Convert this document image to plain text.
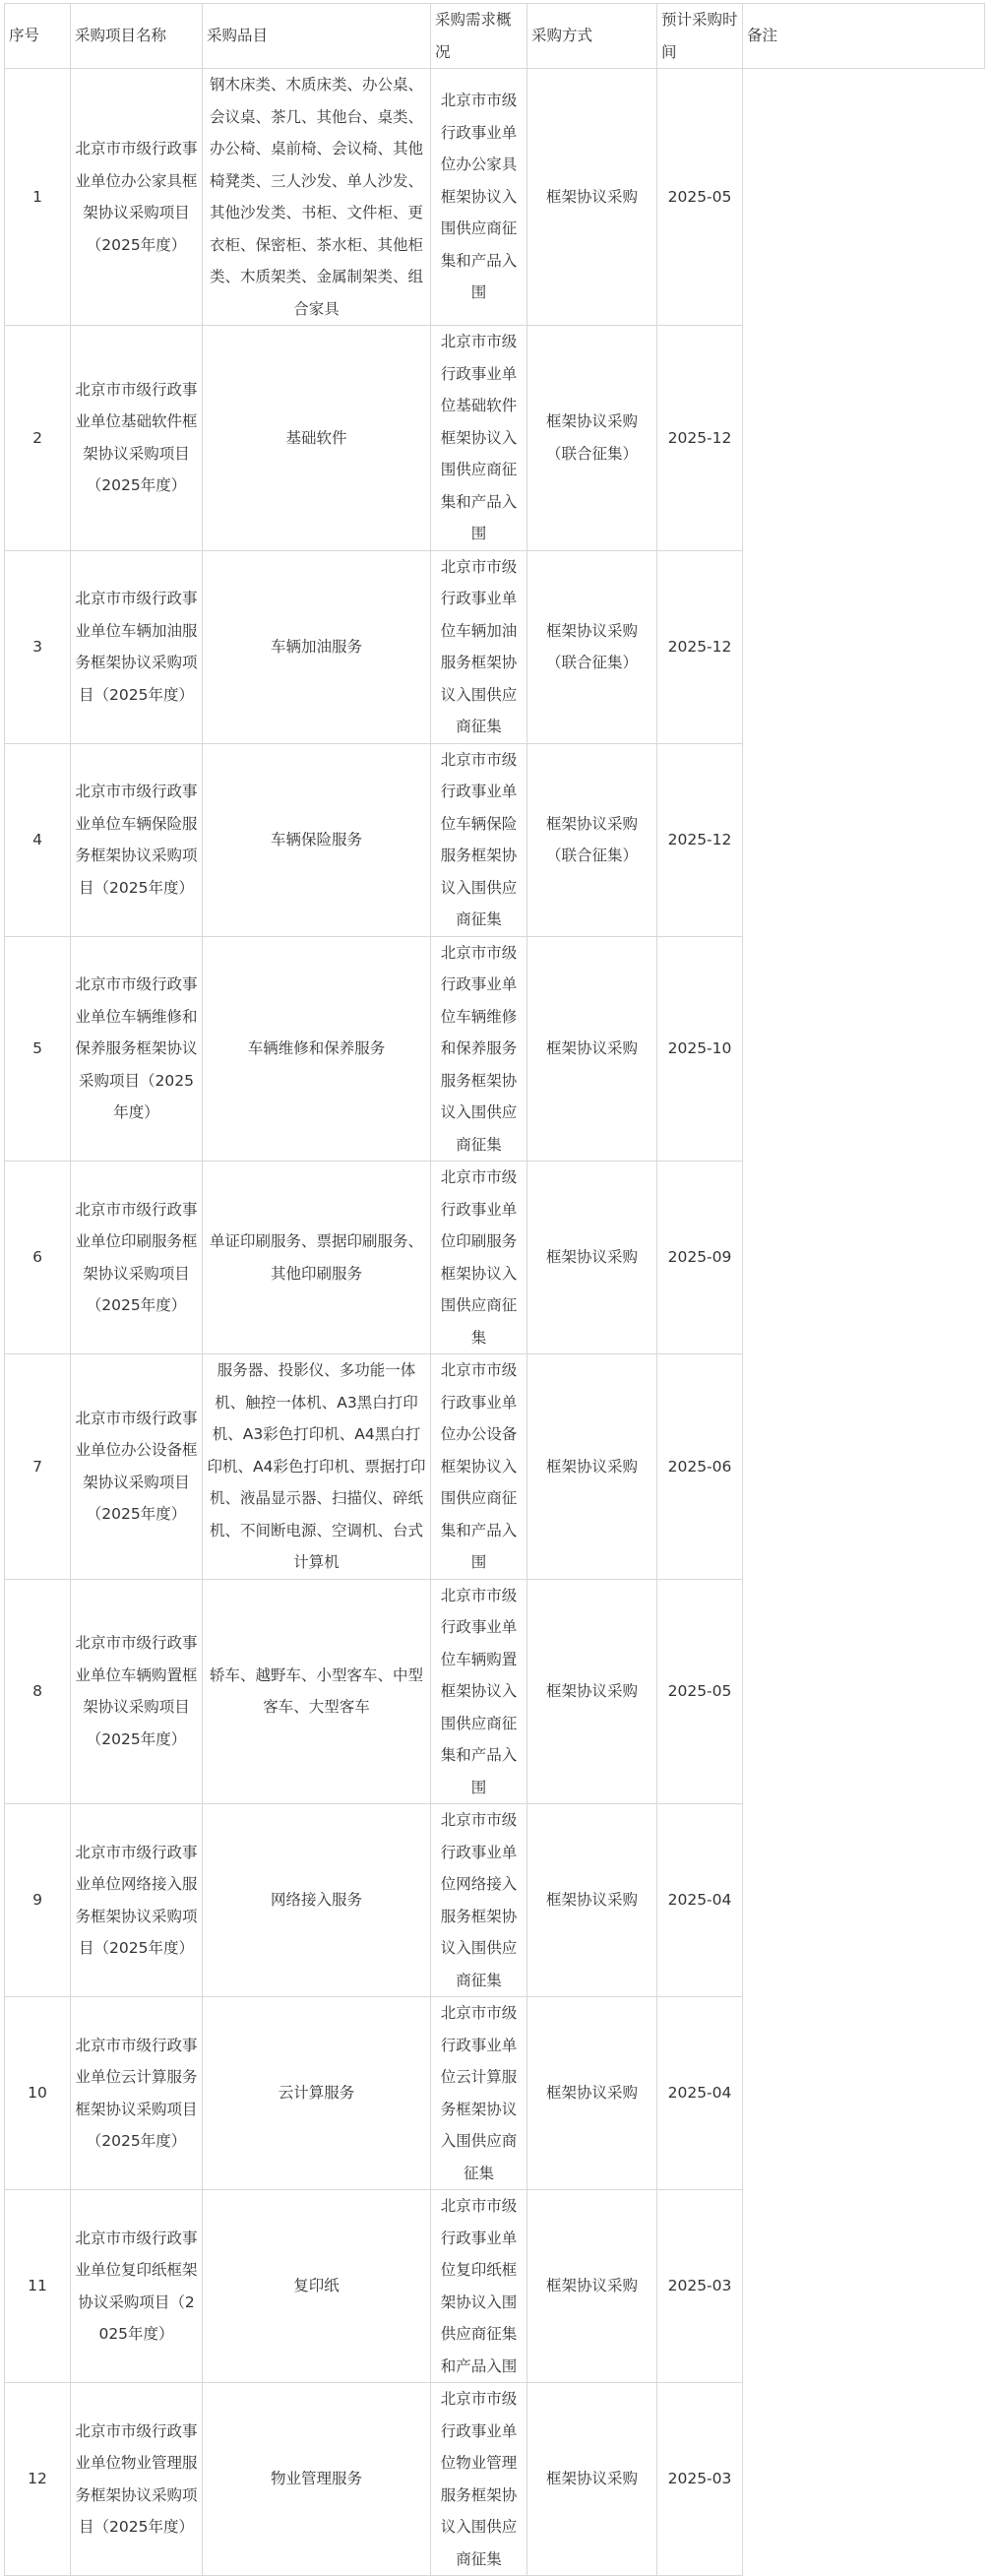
序号	采购项目名称	采购品目	采购需求概况	采购方式	预计采购时间	备注
1	北京市市级行政事业单位办公家具框架协议采购项目（2025年度）	钢木床类、木质床类、办公桌、会议桌、茶几、其他台、桌类、办公椅、桌前椅、会议椅、其他椅凳类、三人沙发、单人沙发、其他沙发类、书柜、文件柜、更衣柜、保密柜、茶水柜、其他柜类、木质架类、金属制架类、组合家具	北京市市级行政事业单位办公家具框架协议入围供应商征集和产品入围	框架协议采购	2025-05	
2	北京市市级行政事业单位基础软件框架协议采购项目（2025年度）	基础软件	北京市市级行政事业单位基础软件框架协议入围供应商征集和产品入围	框架协议采购（联合征集）	2025-12	
3	北京市市级行政事业单位车辆加油服务框架协议采购项目（2025年度）	车辆加油服务	北京市市级行政事业单位车辆加油服务框架协议入围供应商征集	框架协议采购（联合征集）	2025-12	
4	北京市市级行政事业单位车辆保险服务框架协议采购项目（2025年度）	车辆保险服务	北京市市级行政事业单位车辆保险服务框架协议入围供应商征集	框架协议采购（联合征集）	2025-12	
5	北京市市级行政事业单位车辆维修和保养服务框架协议采购项目（2025年度）	车辆维修和保养服务	北京市市级行政事业单位车辆维修和保养服务服务框架协议入围供应商征集	框架协议采购	2025-10	
6	北京市市级行政事业单位印刷服务框架协议采购项目（2025年度）	单证印刷服务、票据印刷服务、其他印刷服务	北京市市级行政事业单位印刷服务框架协议入围供应商征集	框架协议采购	2025-09	
7	北京市市级行政事业单位办公设备框架协议采购项目（2025年度）	服务器、投影仪、多功能一体机、触控一体机、A3黑白打印机、A3彩色打印机、A4黑白打印机、A4彩色打印机、票据打印机、液晶显示器、扫描仪、碎纸机、不间断电源、空调机、台式计算机	北京市市级行政事业单位办公设备框架协议入围供应商征集和产品入围	框架协议采购	2025-06	
8	北京市市级行政事业单位车辆购置框架协议采购项目（2025年度）	轿车、越野车、小型客车、中型客车、大型客车	北京市市级行政事业单位车辆购置框架协议入围供应商征集和产品入围	框架协议采购	2025-05	
9	北京市市级行政事业单位网络接入服务框架协议采购项目（2025年度）	网络接入服务	北京市市级行政事业单位网络接入服务框架协议入围供应商征集	框架协议采购	2025-04	
10	北京市市级行政事业单位云计算服务框架协议采购项目（2025年度）	云计算服务	北京市市级行政事业单位云计算服务框架协议入围供应商征集	框架协议采购	2025-04	
11	北京市市级行政事业单位复印纸框架协议采购项目（2025年度）	复印纸	北京市市级行政事业单位复印纸框架协议入围供应商征集和产品入围	框架协议采购	2025-03	
12	北京市市级行政事业单位物业管理服务框架协议采购项目（2025年度）	物业管理服务	北京市市级行政事业单位物业管理服务框架协议入围供应商征集	框架协议采购	2025-03	
